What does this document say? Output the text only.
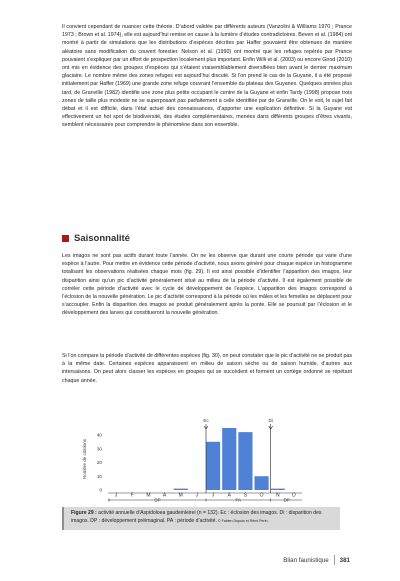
Il convient cependant de nuancer cette théorie. D’abord validée par différents auteurs (Vanzolini & Williams 1970 ; Prance 1973 ; Brown et al. 1974), elle est aujourd’hui remise en cause à la lumière d’études contradictoires. Beven et al. (1984) ont montré à partir de simulations que les distributions d’espèces décrites par Haffer pouvaient être obtenues de manière aléatoire sans modification du couvert forestier. Nelson et al. (1990) ont montré que les refuges repérés par Prance pouvaient s’expliquer par un effort de prospection localement plus important. Enfin Willi et al. (2003) ou encore Girod (2010) ont mis en évidence des groupes d’espèces qui s’étaient vraisemblablement diversifiées bien avant le dernier maximum glaciaire. Le nombre même des zones refuges est aujourd’hui discuté. Si l’on prend le cas de la Guyane, il a été proposé initialement par Haffer (1969) une grande zone refuge couvrant l’ensemble du plateau des Guyanes. Quelques années plus tard, de Granville (1982) identifie une zone plus petite occupant le centre de la Guyane et enfin Tardy (1998) propose trois zones de taille plus modeste ne se superposant pas parfaitement à celle identifiée par de Granville. On le voit, le sujet fait débat et il est difficile, dans l’état actuel des connaissances, d’apporter une explication définitive. Si la Guyane est effectivement un hot spot de biodiversité, des études complémentaires, menées dans différents groupes d’êtres vivants, semblent nécessaires pour comprendre le phénomène dans son ensemble.

Saisonnalité

Les imagos ne sont pas actifs durant toute l’année. On ne les observe que durant une courte période qui varie d’une espèce à l’autre. Pour mettre en évidence cette période d’activité, nous avons généré pour chaque espèce un histogramme totalisant les observations réalisées chaque mois (fig. 29). Il est ainsi possible d’identifier l’apparition des imagos, leur disparition ainsi qu’un pic d’activité généralement situé au milieu de la période d’activité. Il est également possible de corréler cette période d’activité avec le cycle de développement de l’espèce. L’apparition des imagos correspond à l’éclosion de la nouvelle génération. Le pic d’activité correspond à la période où les mâles et les femelles se déplacent pour s’accoupler. Enfin la disparition des imagos se produit généralement après la ponte. Elle se poursuit par l’éclosion et le développement des larves qui constitueront la nouvelle génération.

Si l’on compare la période d’activité de différentes espèces (fig. 30), on peut constater que le pic d’activité ne se produit pas à la même date. Certaines espèces apparaissent en milieu de saison sèche ou de saison humide, d’autres aux intersaisons. On peut alors classer les espèces en groupes qui se succèdent et forment un cortège ordonné se répétant chaque année.

Nombre de citations
0
10
20
30
40
J	F	M A M	J	J	A	S	O N	D
Ec	Di
DP	PA	DP
Figure 29 : activité annuelle d’Aspidoloea gaudeinleirei (n = 132). Ec : éclosion des imagos. Di : disparition des imagos. DP : développement préimaginal. PA : période d’activité. © Fabien Dupuis et Rémi Perin.
Bilan faunistique 381
